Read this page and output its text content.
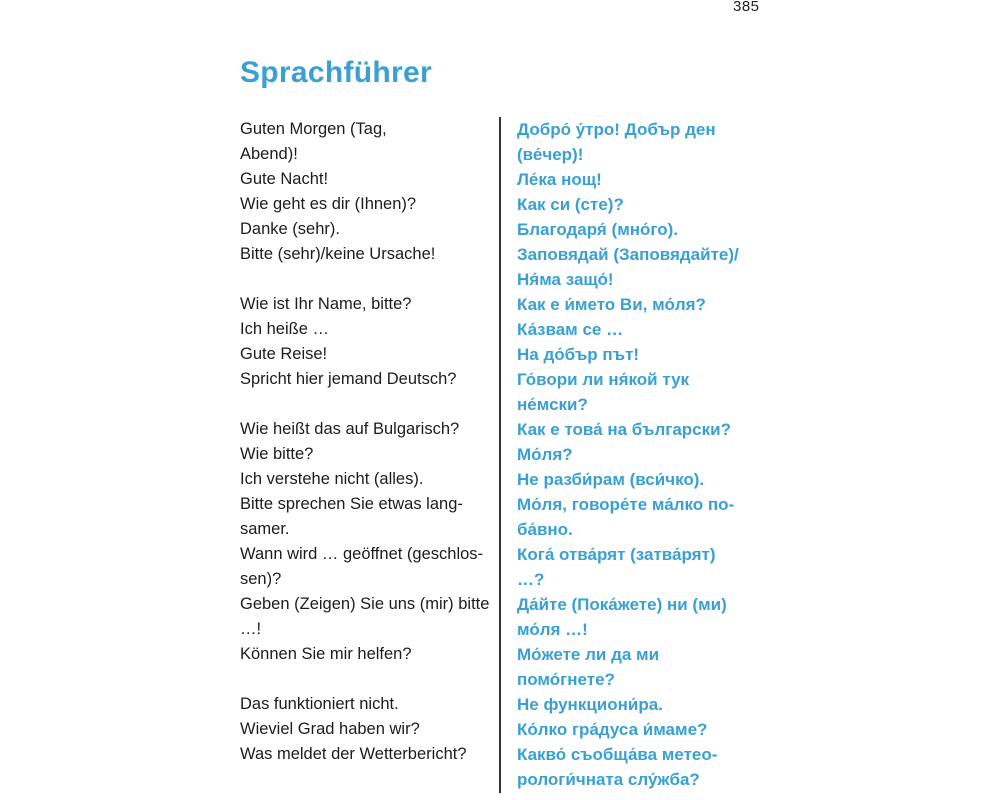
385
Sprachführer
Guten Morgen (Tag,
Abend)!
Gute Nacht!
Wie geht es dir (Ihnen)?
Danke (sehr).
Bitte (sehr)/keine Ursache!
Wie ist Ihr Name, bitte?
Ich heiße …
Gute Reise!
Spricht hier jemand Deutsch?
Wie heißt das auf Bulgarisch?
Wie bitte?
Ich verstehe nicht (alles).
Bitte sprechen Sie etwas lang-
samer.
Wann wird … geöffnet (geschlos-
sen)?
Geben (Zeigen) Sie uns (mir) bitte
…!
Können Sie mir helfen?
Das funktioniert nicht.
Wieviel Grad haben wir?
Was meldet der Wetterbericht?
Добро́ у́тро! Добър ден
(ве́чер)!
Ле́ка нощ!
Как си (сте)?
Благодаря́ (мно́го).
Заповядай (Заповядайте)/
Ня́ма защо́!
Как е и́мето Ви, мо́ля?
Ка́звам се …
На до́бър път!
Го́вори ли ня́кой тук
не́мски?
Как е това́ на български?
Мо́ля?
Не разби́рам (вси́чко).
Мо́ля, говоре́те ма́лко по-
ба́вно.
Кога́ отва́рят (затва́рят)
…?
Да́йте (Пока́жете) ни (ми)
мо́ля …!
Мо́жете ли да ми
помо́гнете?
Не функциони́ра.
Ко́лко гра́дуса и́маме?
Какво́ съобща́ва метео-
рологи́чната слу́жба?
